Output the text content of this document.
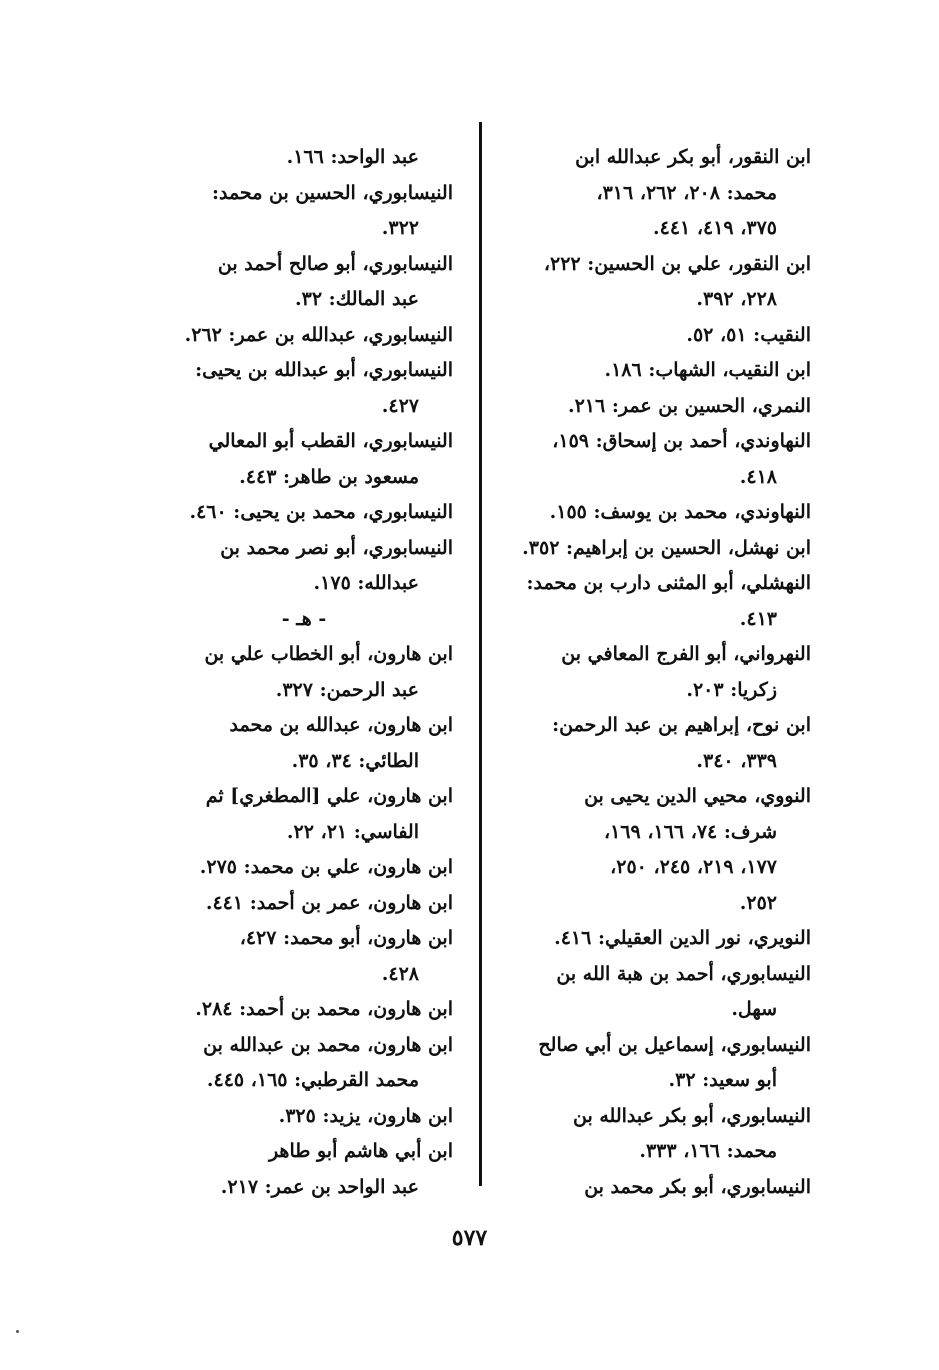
ابن النقور، أبو بكر عبدالله ابن
محمد: ٢٠٨، ٢٦٢، ٣١٦،
٣٧٥، ٤١٩، ٤٤١.
ابن النقور، علي بن الحسين: ٢٢٢،
٢٢٨، ٣٩٢.
النقيب: ٥١، ٥٢.
ابن النقيب، الشهاب: ١٨٦.
النمري، الحسين بن عمر: ٢١٦.
النهاوندي، أحمد بن إسحاق: ١٥٩،
٤١٨.
النهاوندي، محمد بن يوسف: ١٥٥.
ابن نهشل، الحسين بن إبراهيم: ٣٥٢.
النهشلي، أبو المثنى دارب بن محمد:
٤١٣.
النهرواني، أبو الفرج المعافي بن
زكريا: ٢٠٣.
ابن نوح، إبراهيم بن عبد الرحمن:
٣٣٩، ٣٤٠.
النووي، محيي الدين يحيى بن
شرف: ٧٤، ١٦٦، ١٦٩،
١٧٧، ٢١٩، ٢٤٥، ٢٥٠،
٢٥٢.
النويري، نور الدين العقيلي: ٤١٦.
النيسابوري، أحمد بن هبة الله بن
سهل.
النيسابوري، إسماعيل بن أبي صالح
أبو سعيد: ٣٢.
النيسابوري، أبو بكر عبدالله بن
محمد: ١٦٦، ٣٣٣.
النيسابوري، أبو بكر محمد بن
عبد الواحد: ١٦٦.
النيسابوري، الحسين بن محمد:
٣٢٢.
النيسابوري، أبو صالح أحمد بن
عبد المالك: ٣٢.
النيسابوري، عبدالله بن عمر: ٢٦٢.
النيسابوري، أبو عبدالله بن يحيى:
٤٢٧.
النيسابوري، القطب أبو المعالي
مسعود بن طاهر: ٤٤٣.
النيسابوري، محمد بن يحيى: ٤٦٠.
النيسابوري، أبو نصر محمد بن
عبدالله: ١٧٥.
- هـ -
ابن هارون، أبو الخطاب علي بن
عبد الرحمن: ٣٢٧.
ابن هارون، عبدالله بن محمد
الطائي: ٣٤، ٣٥.
ابن هارون، علي [المطغري] ثم
الفاسي: ٢١، ٢٢.
ابن هارون، علي بن محمد: ٢٧٥.
ابن هارون، عمر بن أحمد: ٤٤١.
ابن هارون، أبو محمد: ٤٢٧،
٤٢٨.
ابن هارون، محمد بن أحمد: ٢٨٤.
ابن هارون، محمد بن عبدالله بن
محمد القرطبي: ١٦٥، ٤٤٥.
ابن هارون، يزيد: ٣٢٥.
ابن أبي هاشم أبو طاهر
عبد الواحد بن عمر: ٢١٧.
٥٧٧
